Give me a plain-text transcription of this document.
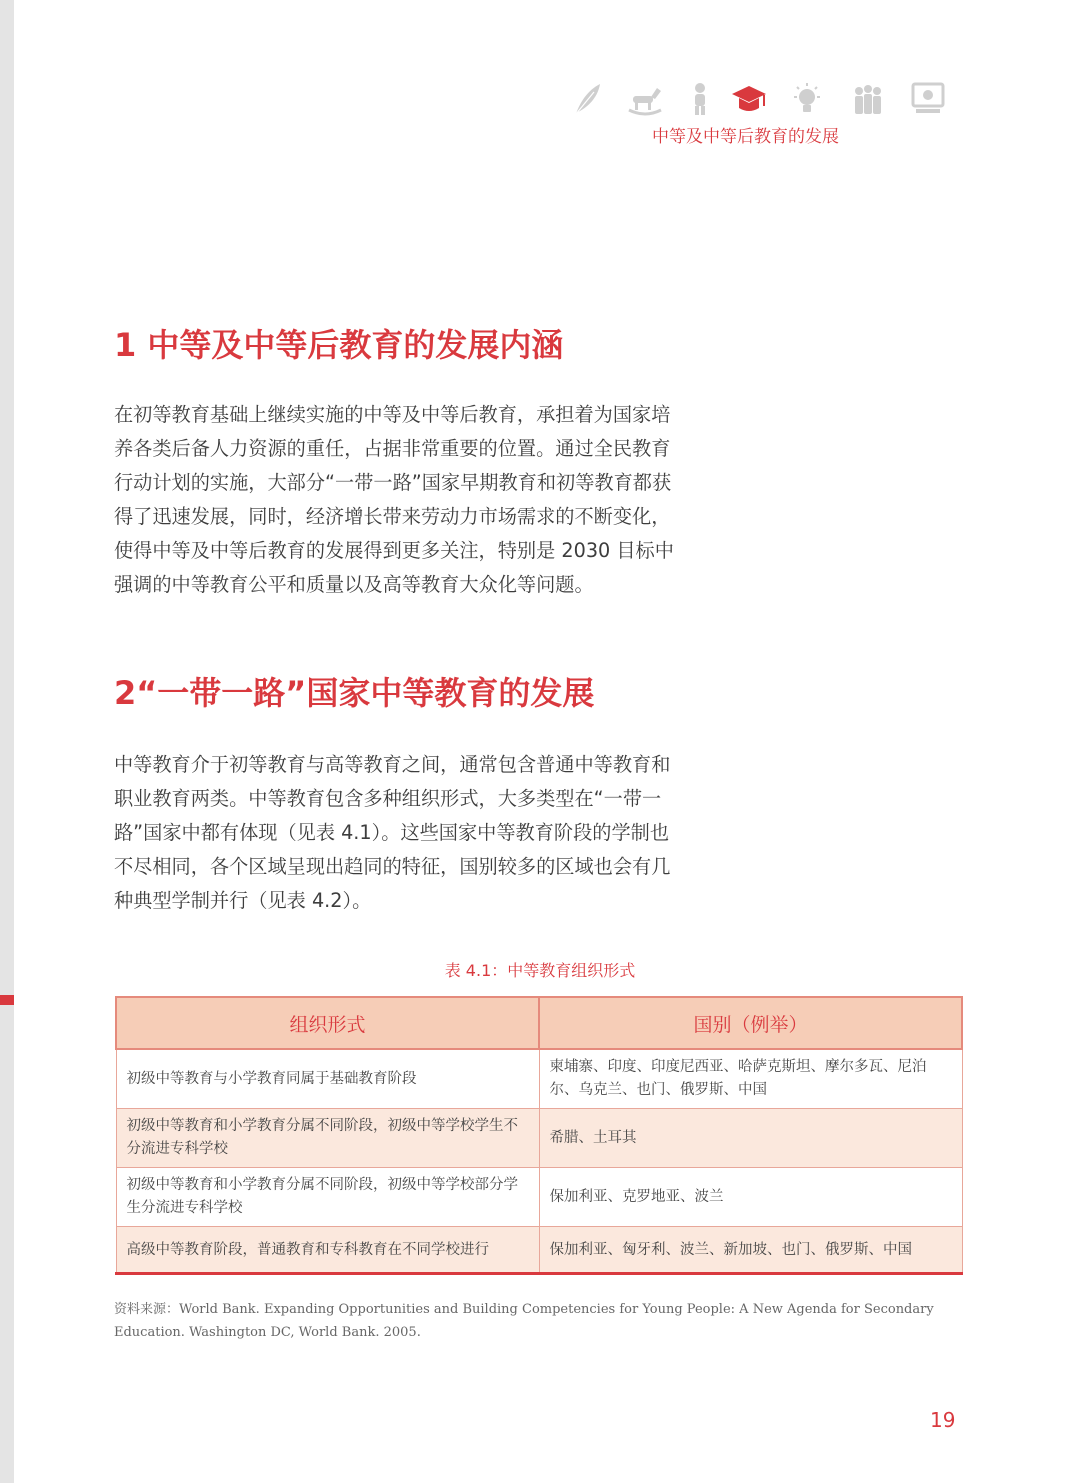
中等及中等后教育的发展
1 中等及中等后教育的发展内涵

在初等教育基础上继续实施的中等及中等后教育，承担着为国家培养各类后备人力资源的重任，占据非常重要的位置。通过全民教育行动计划的实施，大部分“一带一路”国家早期教育和初等教育都获得了迅速发展，同时，经济增长带来劳动力市场需求的不断变化，使得中等及中等后教育的发展得到更多关注，特别是 2030 目标中强调的中等教育公平和质量以及高等教育大众化等问题。

2“一带一路”国家中等教育的发展

中等教育介于初等教育与高等教育之间，通常包含普通中等教育和职业教育两类。中等教育包含多种组织形式，大多类型在“一带一路”国家中都有体现（见表 4.1）。这些国家中等教育阶段的学制也不尽相同，各个区域呈现出趋同的特征，国别较多的区域也会有几种典型学制并行（见表 4.2）。

表 4.1：中等教育组织形式
组织形式	国别（例举）
初级中等教育与小学教育同属于基础教育阶段	柬埔寨、印度、印度尼西亚、哈萨克斯坦、摩尔多瓦、尼泊尔、乌克兰、也门、俄罗斯、中国
初级中等教育和小学教育分属不同阶段，初级中等学校学生不分流进专科学校	希腊、土耳其
初级中等教育和小学教育分属不同阶段，初级中等学校部分学生分流进专科学校	保加利亚、克罗地亚、波兰
高级中等教育阶段，普通教育和专科教育在不同学校进行	保加利亚、匈牙利、波兰、新加坡、也门、俄罗斯、中国

资料来源：World Bank. Expanding Opportunities and Building Competencies for Young People: A New Agenda for Secondary Education. Washington DC, World Bank. 2005.

19
